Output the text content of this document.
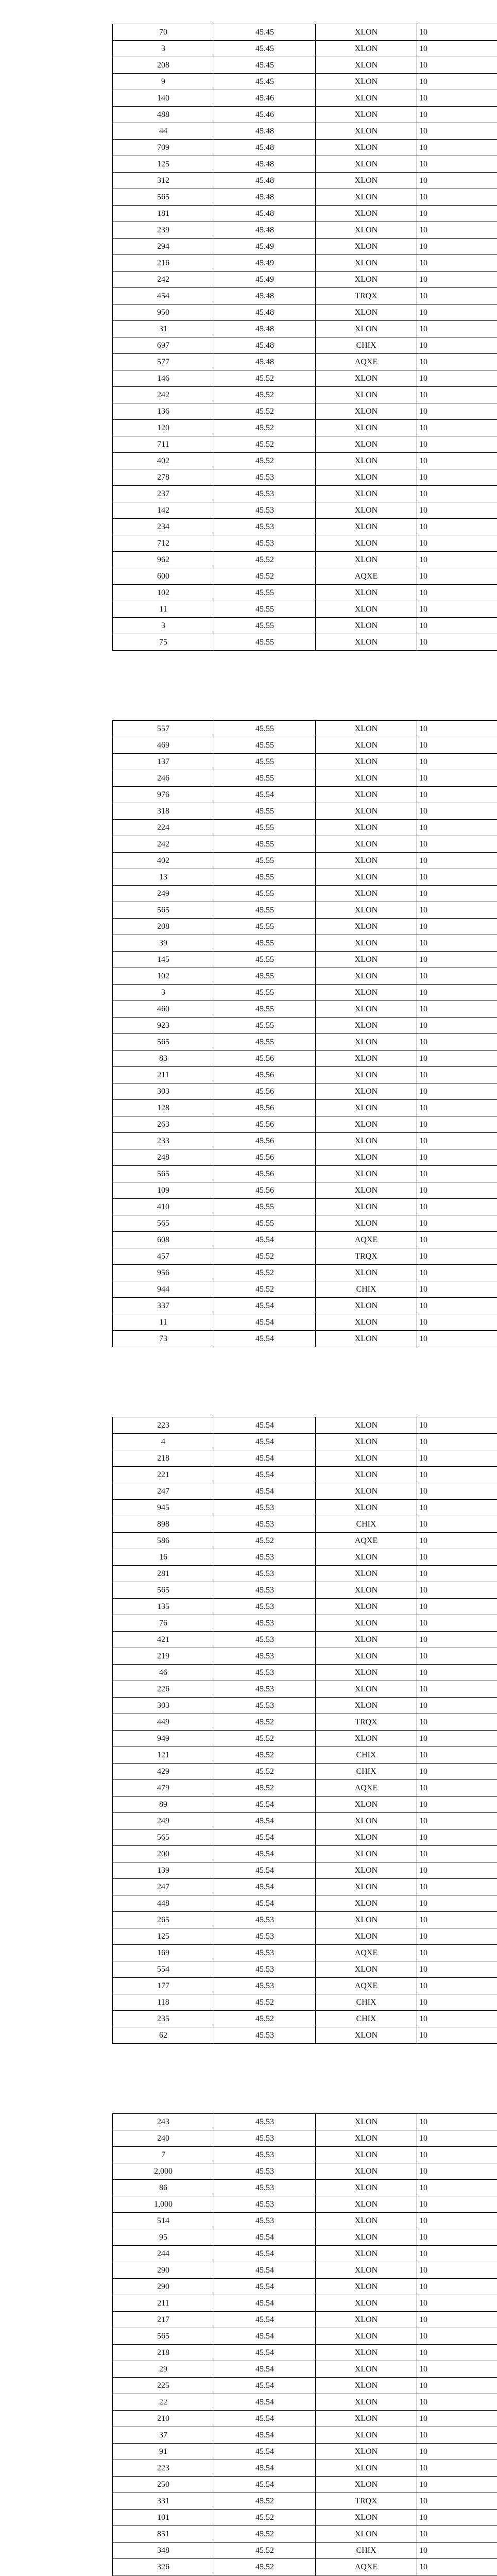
70	45.45	XLON	10
3	45.45	XLON	10
208	45.45	XLON	10
9	45.45	XLON	10
140	45.46	XLON	10
488	45.46	XLON	10
44	45.48	XLON	10
709	45.48	XLON	10
125	45.48	XLON	10
312	45.48	XLON	10
565	45.48	XLON	10
181	45.48	XLON	10
239	45.48	XLON	10
294	45.49	XLON	10
216	45.49	XLON	10
242	45.49	XLON	10
454	45.48	TRQX	10
950	45.48	XLON	10
31	45.48	XLON	10
697	45.48	CHIX	10
577	45.48	AQXE	10
146	45.52	XLON	10
242	45.52	XLON	10
136	45.52	XLON	10
120	45.52	XLON	10
711	45.52	XLON	10
402	45.52	XLON	10
278	45.53	XLON	10
237	45.53	XLON	10
142	45.53	XLON	10
234	45.53	XLON	10
712	45.53	XLON	10
962	45.52	XLON	10
600	45.52	AQXE	10
102	45.55	XLON	10
11	45.55	XLON	10
3	45.55	XLON	10
75	45.55	XLON	10
557	45.55	XLON	10
469	45.55	XLON	10
137	45.55	XLON	10
246	45.55	XLON	10
976	45.54	XLON	10
318	45.55	XLON	10
224	45.55	XLON	10
242	45.55	XLON	10
402	45.55	XLON	10
13	45.55	XLON	10
249	45.55	XLON	10
565	45.55	XLON	10
208	45.55	XLON	10
39	45.55	XLON	10
145	45.55	XLON	10
102	45.55	XLON	10
3	45.55	XLON	10
460	45.55	XLON	10
923	45.55	XLON	10
565	45.55	XLON	10
83	45.56	XLON	10
211	45.56	XLON	10
303	45.56	XLON	10
128	45.56	XLON	10
263	45.56	XLON	10
233	45.56	XLON	10
248	45.56	XLON	10
565	45.56	XLON	10
109	45.56	XLON	10
410	45.55	XLON	10
565	45.55	XLON	10
608	45.54	AQXE	10
457	45.52	TRQX	10
956	45.52	XLON	10
944	45.52	CHIX	10
337	45.54	XLON	10
11	45.54	XLON	10
73	45.54	XLON	10
223	45.54	XLON	10
4	45.54	XLON	10
218	45.54	XLON	10
221	45.54	XLON	10
247	45.54	XLON	10
945	45.53	XLON	10
898	45.53	CHIX	10
586	45.52	AQXE	10
16	45.53	XLON	10
281	45.53	XLON	10
565	45.53	XLON	10
135	45.53	XLON	10
76	45.53	XLON	10
421	45.53	XLON	10
219	45.53	XLON	10
46	45.53	XLON	10
226	45.53	XLON	10
303	45.53	XLON	10
449	45.52	TRQX	10
949	45.52	XLON	10
121	45.52	CHIX	10
429	45.52	CHIX	10
479	45.52	AQXE	10
89	45.54	XLON	10
249	45.54	XLON	10
565	45.54	XLON	10
200	45.54	XLON	10
139	45.54	XLON	10
247	45.54	XLON	10
448	45.54	XLON	10
265	45.53	XLON	10
125	45.53	XLON	10
169	45.53	AQXE	10
554	45.53	XLON	10
177	45.53	AQXE	10
118	45.52	CHIX	10
235	45.52	CHIX	10
62	45.53	XLON	10
243	45.53	XLON	10
240	45.53	XLON	10
7	45.53	XLON	10
2,000	45.53	XLON	10
86	45.53	XLON	10
1,000	45.53	XLON	10
514	45.53	XLON	10
95	45.54	XLON	10
244	45.54	XLON	10
290	45.54	XLON	10
290	45.54	XLON	10
211	45.54	XLON	10
217	45.54	XLON	10
565	45.54	XLON	10
218	45.54	XLON	10
29	45.54	XLON	10
225	45.54	XLON	10
22	45.54	XLON	10
210	45.54	XLON	10
37	45.54	XLON	10
91	45.54	XLON	10
223	45.54	XLON	10
250	45.54	XLON	10
331	45.52	TRQX	10
101	45.52	XLON	10
851	45.52	XLON	10
348	45.52	CHIX	10
326	45.52	AQXE	10
